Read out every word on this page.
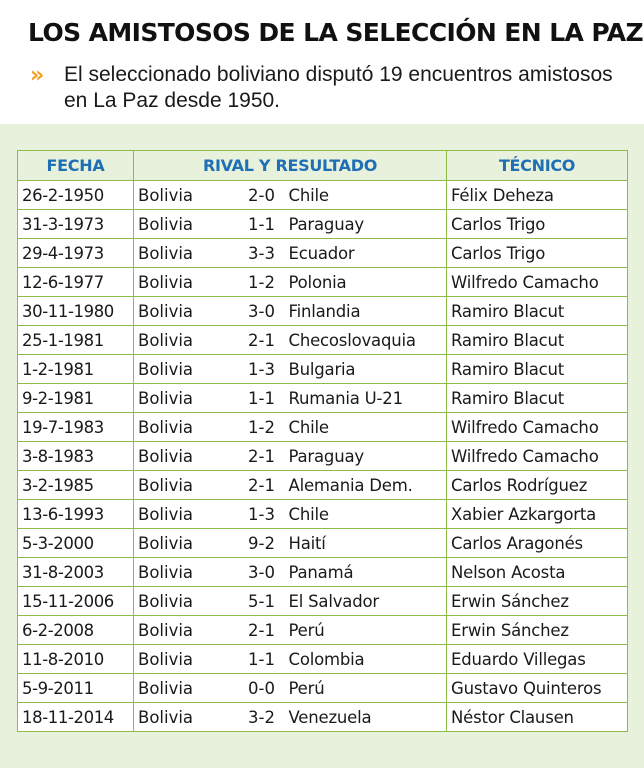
LOS AMISTOSOS DE LA SELECCIÓN EN LA PAZ
» El seleccionado boliviano disputó 19 encuentros amistosos en La Paz desde 1950.
FECHA	RIVAL Y RESULTADO			TÉCNICO
26-2-1950	Bolivia	2-0	Chile	Félix Deheza
31-3-1973	Bolivia	1-1	Paraguay	Carlos Trigo
29-4-1973	Bolivia	3-3	Ecuador	Carlos Trigo
12-6-1977	Bolivia	1-2	Polonia	Wilfredo Camacho
30-11-1980	Bolivia	3-0	Finlandia	Ramiro Blacut
25-1-1981	Bolivia	2-1	Checoslovaquia	Ramiro Blacut
1-2-1981	Bolivia	1-3	Bulgaria	Ramiro Blacut
9-2-1981	Bolivia	1-1	Rumania U-21	Ramiro Blacut
19-7-1983	Bolivia	1-2	Chile	Wilfredo Camacho
3-8-1983	Bolivia	2-1	Paraguay	Wilfredo Camacho
3-2-1985	Bolivia	2-1	Alemania Dem.	Carlos Rodríguez
13-6-1993	Bolivia	1-3	Chile	Xabier Azkargorta
5-3-2000	Bolivia	9-2	Haití	Carlos Aragonés
31-8-2003	Bolivia	3-0	Panamá	Nelson Acosta
15-11-2006	Bolivia	5-1	El Salvador	Erwin Sánchez
6-2-2008	Bolivia	2-1	Perú	Erwin Sánchez
11-8-2010	Bolivia	1-1	Colombia	Eduardo Villegas
5-9-2011	Bolivia	0-0	Perú	Gustavo Quinteros
18-11-2014	Bolivia	3-2	Venezuela	Néstor Clausen
